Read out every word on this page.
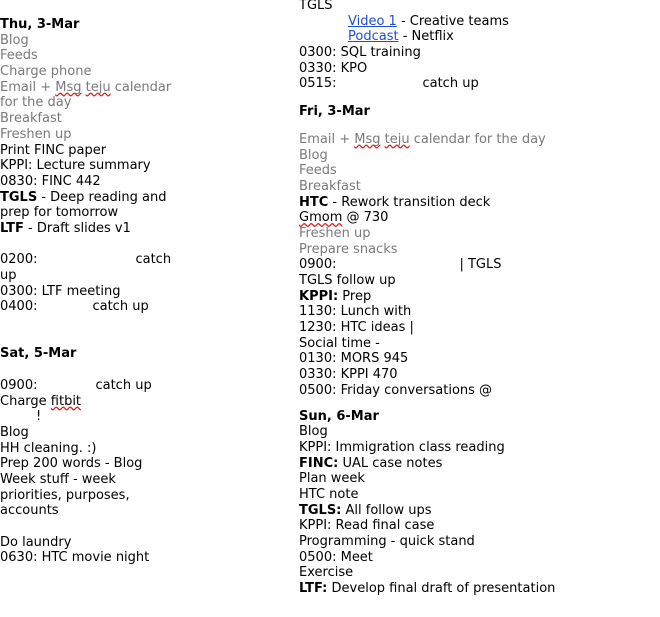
Thu, 3-Mar
Blog
Feeds
Charge phone
Email + Msg teju calendar
for the day
Breakfast
Freshen up
Print FINC paper
KPPI: Lecture summary
0830: FINC 442
TGLS - Deep reading and
prep for tomorrow
LTF - Draft slides v1
0200:	catch
up
0300: LTF meeting
0400:	catch up
Sat, 5-Mar
0900:	catch up
Charge fitbit
!
Blog
HH cleaning. :)
Prep 200 words - Blog
Week stuff - week
priorities, purposes,
accounts
Do laundry
0630: HTC movie night
TGLS
Video 1 - Creative teams
Podcast - Netflix
0300: SQL training
0330: KPO
0515:	catch up
Fri, 3-Mar
Email + Msg teju calendar for the day
Blog
Feeds
Breakfast
HTC - Rework transition deck
Gmom @ 730
Freshen up
Prepare snacks
0900:	| TGLS
TGLS follow up
KPPI: Prep
1130: Lunch with
1230: HTC ideas |
Social time -
0130: MORS 945
0330: KPPI 470
0500: Friday conversations @
Sun, 6-Mar
Blog
KPPI: Immigration class reading
FINC: UAL case notes
Plan week
HTC note
TGLS: All follow ups
KPPI: Read final case
Programming - quick stand
0500: Meet
Exercise
LTF: Develop final draft of presentation
